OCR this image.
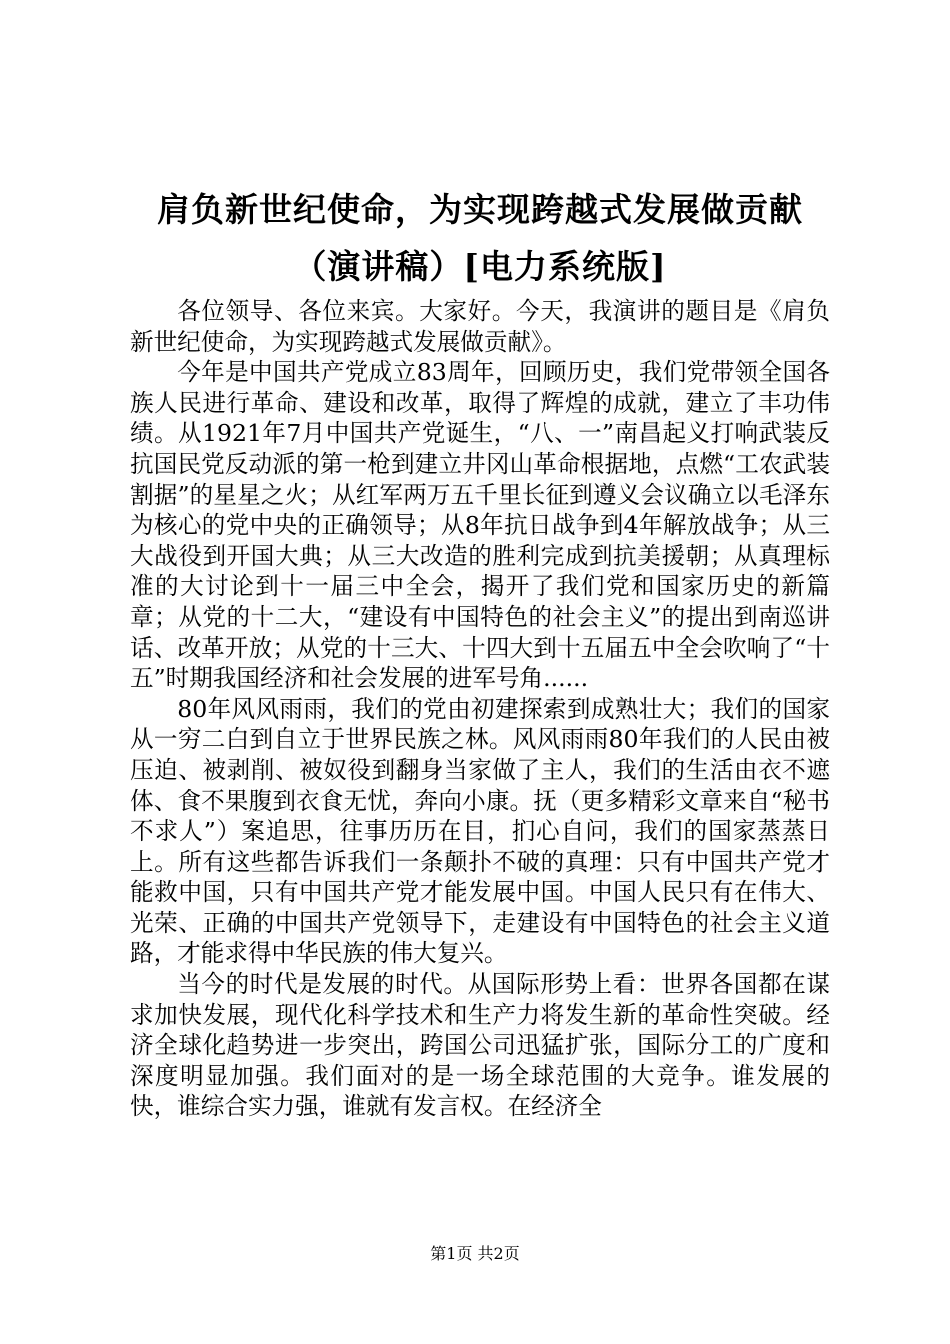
肩负新世纪使命，为实现跨越式发展做贡献
（演讲稿）[电力系统版]

各位领导、各位来宾。大家好。今天，我演讲的题目是《肩负新世纪使命，为实现跨越式发展做贡献》。

今年是中国共产党成立83周年，回顾历史，我们党带领全国各族人民进行革命、建设和改革，取得了辉煌的成就，建立了丰功伟绩。从1921年7月中国共产党诞生，“八、一”南昌起义打响武装反抗国民党反动派的第一枪到建立井冈山革命根据地，点燃“工农武装割据”的星星之火；从红军两万五千里长征到遵义会议确立以毛泽东为核心的党中央的正确领导；从8年抗日战争到4年解放战争；从三大战役到开国大典；从三大改造的胜利完成到抗美援朝；从真理标准的大讨论到十一届三中全会，揭开了我们党和国家历史的新篇章；从党的十二大，“建设有中国特色的社会主义”的提出到南巡讲话、改革开放；从党的十三大、十四大到十五届五中全会吹响了“十五”时期我国经济和社会发展的进军号角......

80年风风雨雨，我们的党由初建探索到成熟壮大；我们的国家从一穷二白到自立于世界民族之林。风风雨雨80年我们的人民由被压迫、被剥削、被奴役到翻身当家做了主人，我们的生活由衣不遮体、食不果腹到衣食无忧，奔向小康。抚（更多精彩文章来自“秘书不求人”）案追思，往事历历在目，扪心自问，我们的国家蒸蒸日上。所有这些都告诉我们一条颠扑不破的真理：只有中国共产党才能救中国，只有中国共产党才能发展中国。中国人民只有在伟大、光荣、正确的中国共产党领导下，走建设有中国特色的社会主义道路，才能求得中华民族的伟大复兴。

当今的时代是发展的时代。从国际形势上看：世界各国都在谋求加快发展，现代化科学技术和生产力将发生新的革命性突破。经济全球化趋势进一步突出，跨国公司迅猛扩张，国际分工的广度和深度明显加强。我们面对的是一场全球范围的大竞争。谁发展的快，谁综合实力强，谁就有发言权。在经济全

第1页 共2页
